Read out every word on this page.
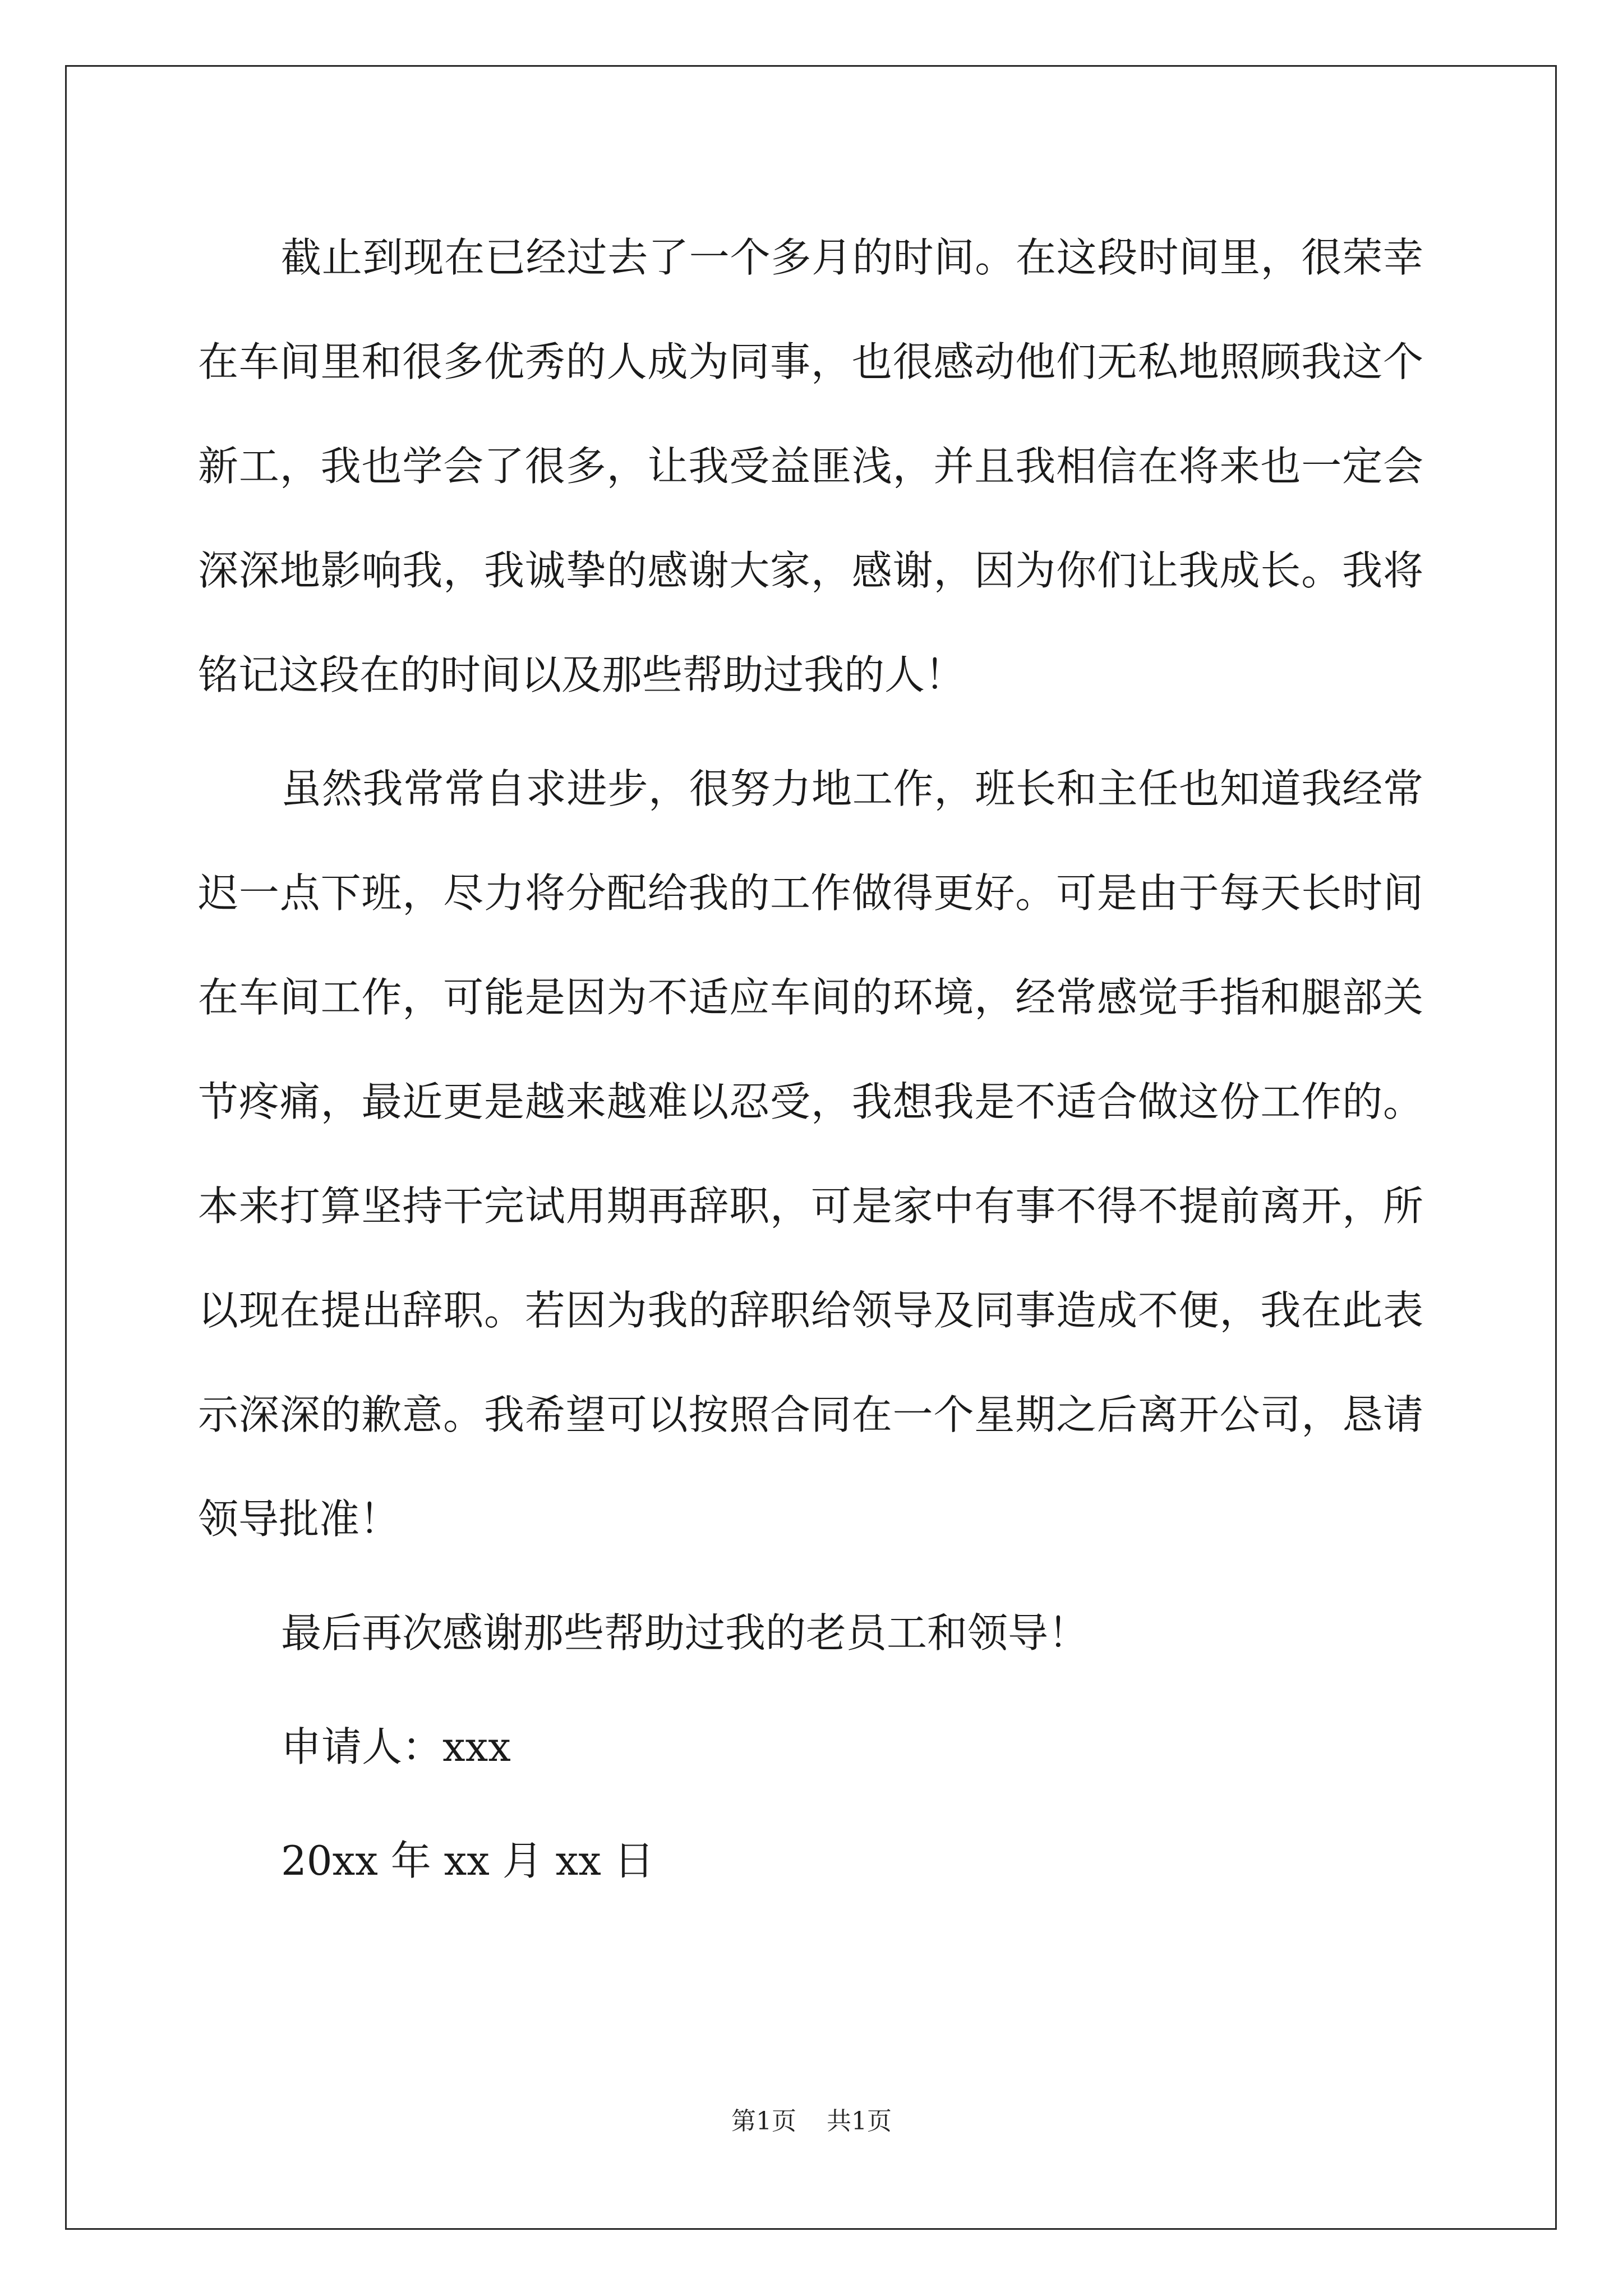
截止到现在已经过去了一个多月的时间。在这段时间里，很荣幸在车间里和很多优秀的人成为同事，也很感动他们无私地照顾我这个新工，我也学会了很多，让我受益匪浅，并且我相信在将来也一定会深深地影响我，我诚挚的感谢大家，感谢，因为你们让我成长。我将铭记这段在的时间以及那些帮助过我的人！

虽然我常常自求进步，很努力地工作，班长和主任也知道我经常迟一点下班，尽力将分配给我的工作做得更好。可是由于每天长时间在车间工作，可能是因为不适应车间的环境，经常感觉手指和腿部关节疼痛，最近更是越来越难以忍受，我想我是不适合做这份工作的。本来打算坚持干完试用期再辞职，可是家中有事不得不提前离开，所以现在提出辞职。若因为我的辞职给领导及同事造成不便，我在此表示深深的歉意。我希望可以按照合同在一个星期之后离开公司，恳请领导批准！

最后再次感谢那些帮助过我的老员工和领导！

申请人：xxx

20xx 年 xx 月 xx 日

第1页 共1页
